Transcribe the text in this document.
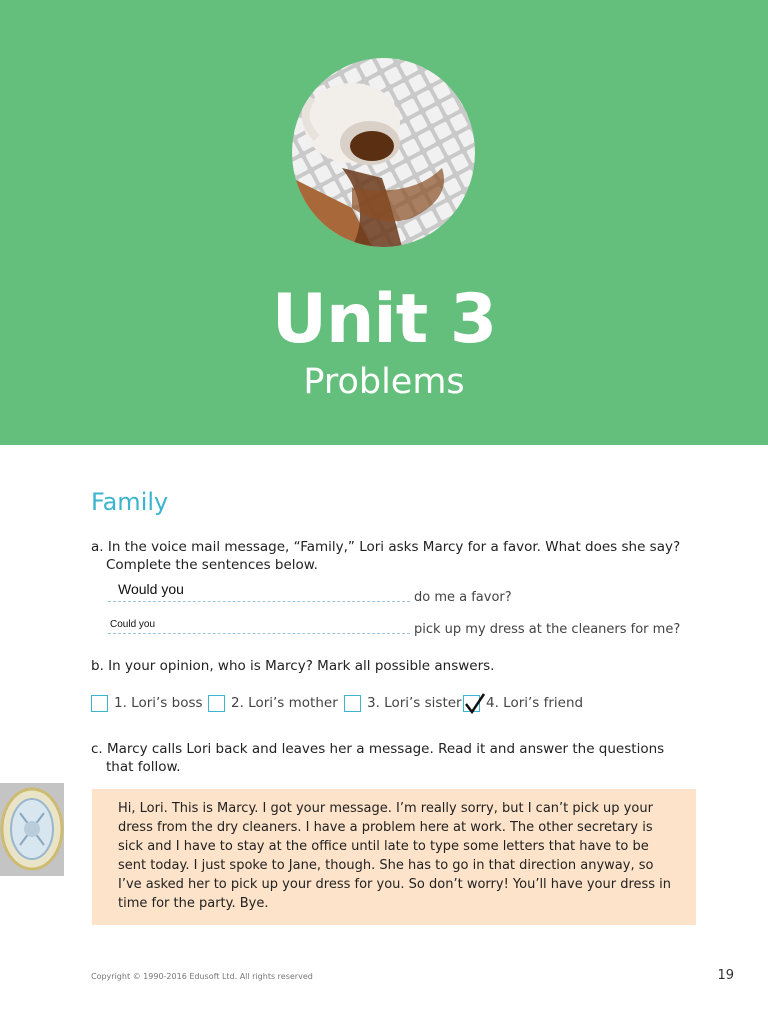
Unit 3
Problems
Family
a. In the voice mail message, “Family,” Lori asks Marcy for a favor. What does she say?
Complete the sentences below.
Would you
do me a favor?
Could you	pick up my dress at the cleaners for me?
b. In your opinion, who is Marcy? Mark all possible answers.
1. Lori’s boss 2. Lori’s mother 3. Lori’s sister 4. Lori’s friend
c. Marcy calls Lori back and leaves her a message. Read it and answer the questions
that follow.
Hi, Lori. This is Marcy. I got your message. I’m really sorry, but I can’t pick up your dress from the dry cleaners. I have a problem here at work. The other secretary is sick and I have to stay at the office until late to type some letters that have to be sent today. I just spoke to Jane, though. She has to go in that direction anyway, so I’ve asked her to pick up your dress for you. So don’t worry! You’ll have your dress in time for the party. Bye.
Copyright © 1990-2016 Edusoft Ltd. All rights reserved	19
